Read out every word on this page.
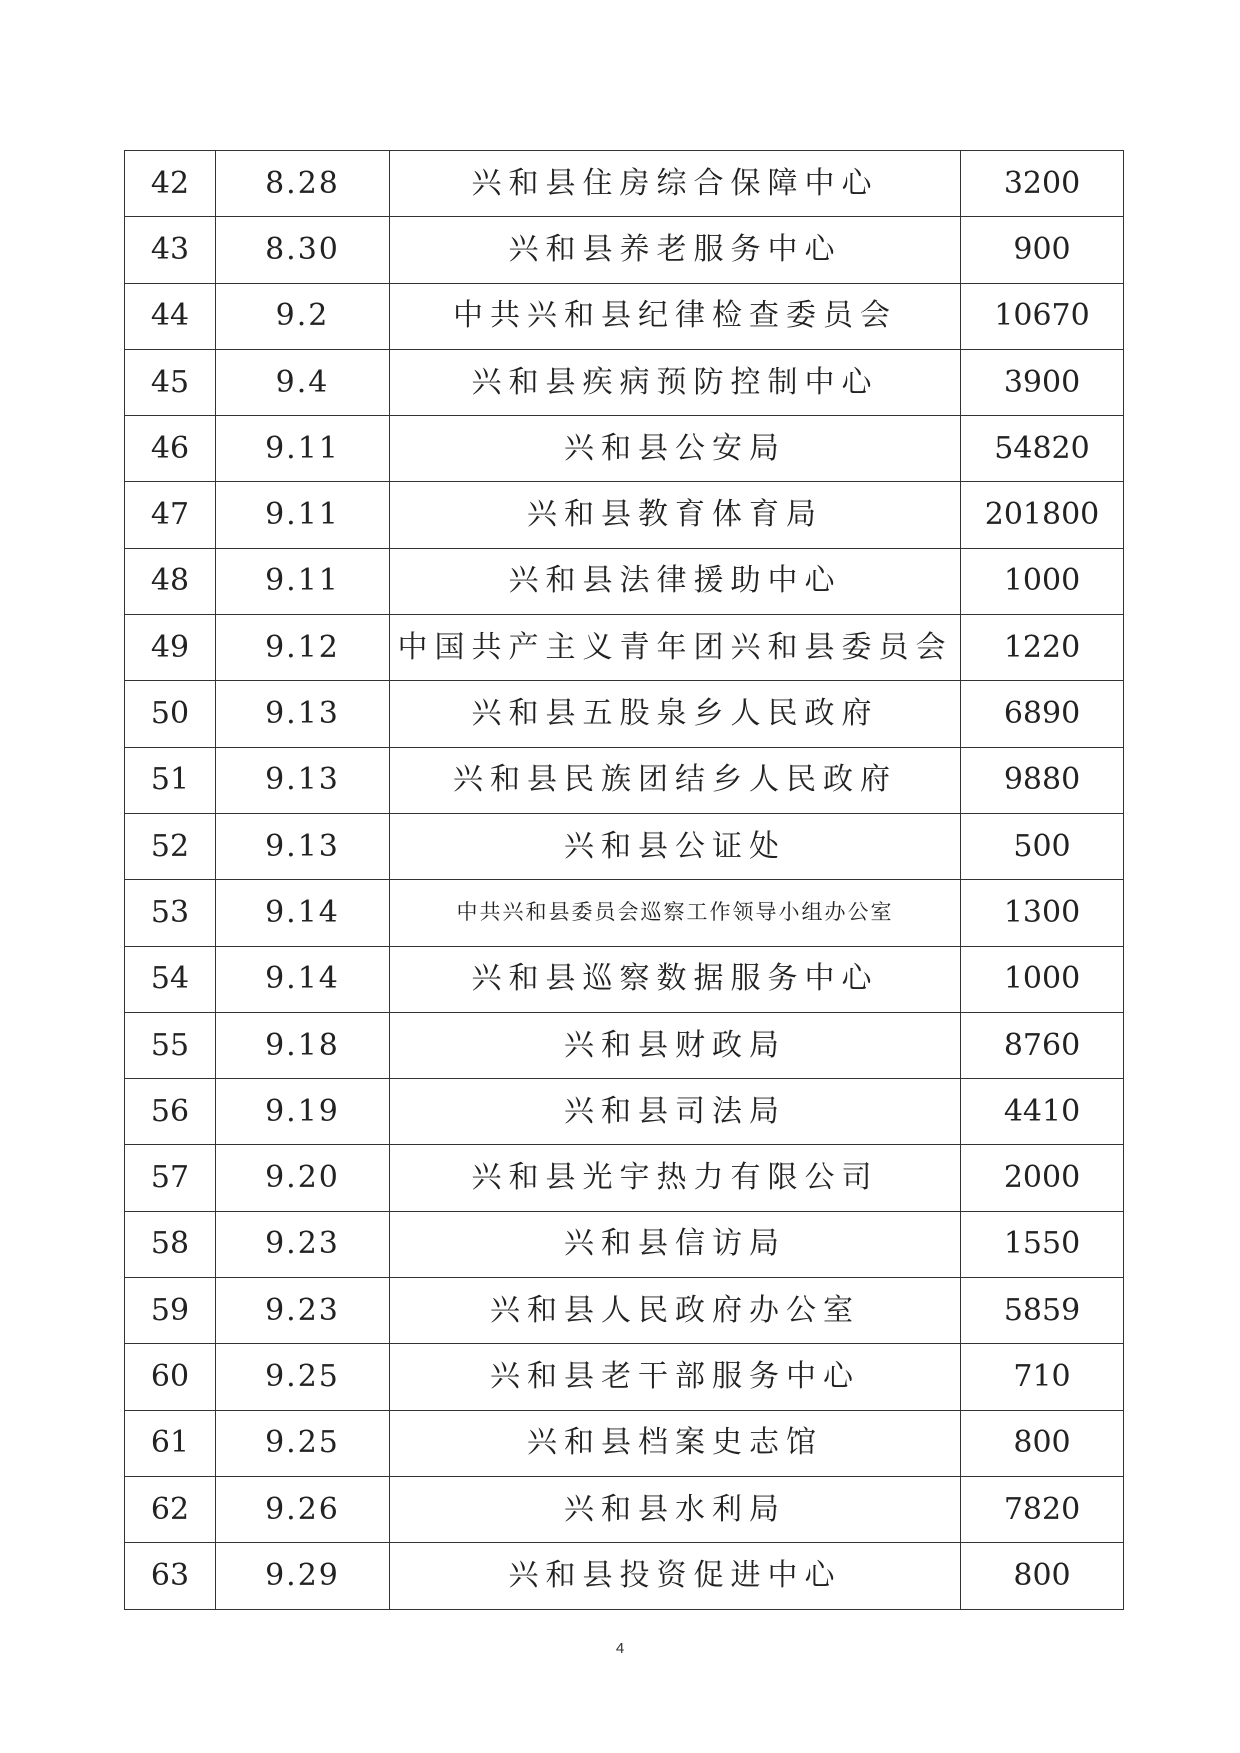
42	8.28	兴和县住房综合保障中心	3200
43	8.30	兴和县养老服务中心	900
44	9.2	中共兴和县纪律检查委员会	10670
45	9.4	兴和县疾病预防控制中心	3900
46	9.11	兴和县公安局	54820
47	9.11	兴和县教育体育局	201800
48	9.11	兴和县法律援助中心	1000
49	9.12	中国共产主义青年团兴和县委员会	1220
50	9.13	兴和县五股泉乡人民政府	6890
51	9.13	兴和县民族团结乡人民政府	9880
52	9.13	兴和县公证处	500
53	9.14	中共兴和县委员会巡察工作领导小组办公室	1300
54	9.14	兴和县巡察数据服务中心	1000
55	9.18	兴和县财政局	8760
56	9.19	兴和县司法局	4410
57	9.20	兴和县光宇热力有限公司	2000
58	9.23	兴和县信访局	1550
59	9.23	兴和县人民政府办公室	5859
60	9.25	兴和县老干部服务中心	710
61	9.25	兴和县档案史志馆	800
62	9.26	兴和县水利局	7820
63	9.29	兴和县投资促进中心	800
4
